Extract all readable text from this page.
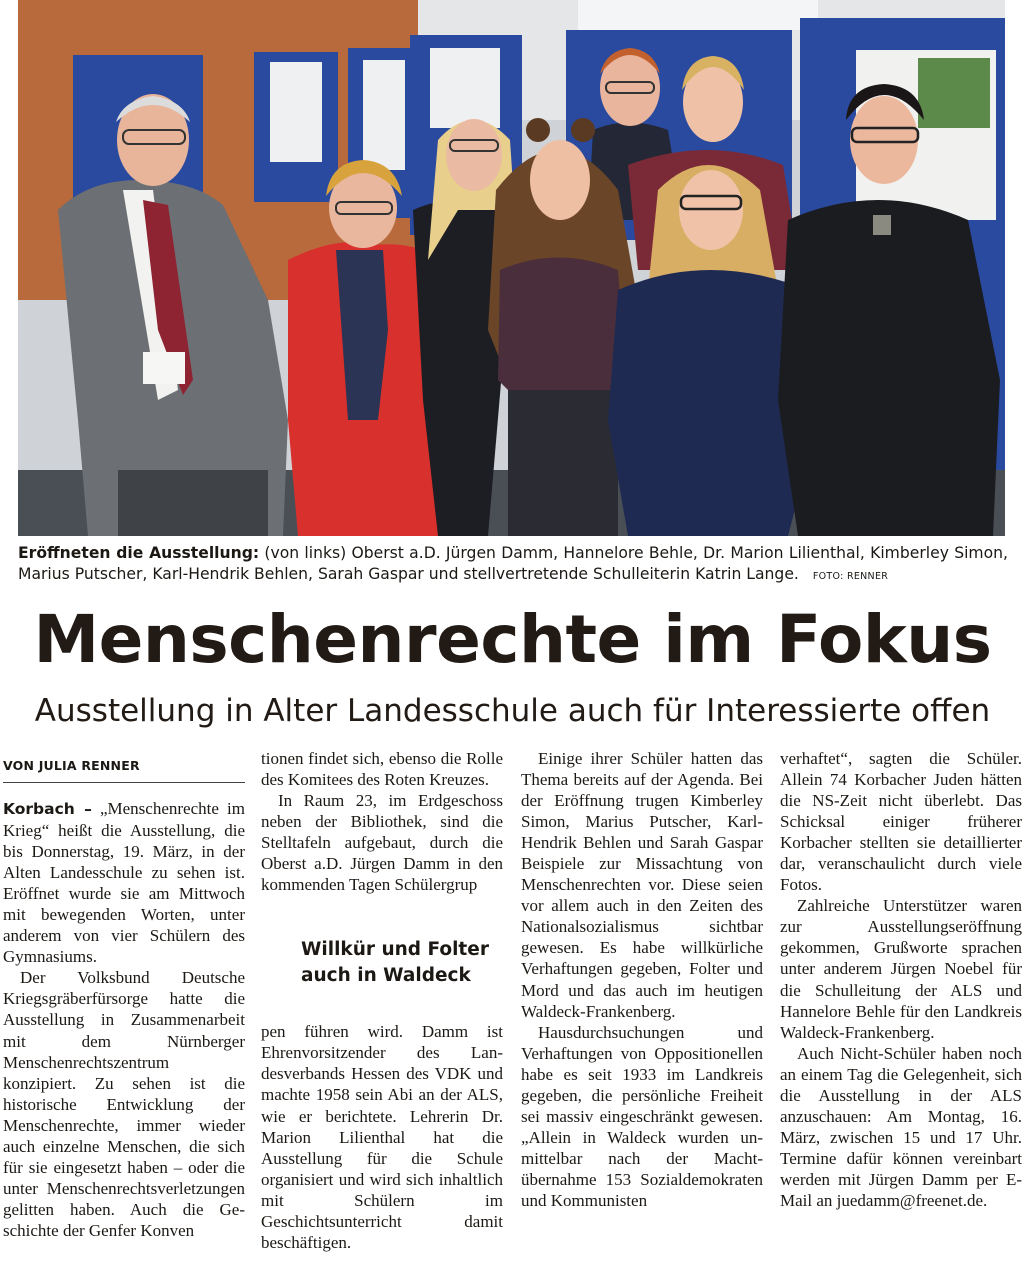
Eröffneten die Ausstellung: (von links) Oberst a.D. Jürgen Damm, Hannelore Behle, Dr. Marion Lilienthal, Kimberley Simon, Marius Putscher, Karl-Hendrik Behlen, Sarah Gaspar und stellvertretende Schulleiterin Katrin Lange. FOTO: RENNER
Menschenrechte im Fokus
Ausstellung in Alter Landesschule auch für Interessierte offen
VON JULIA RENNER

Korbach – „Menschenrechte im Krieg“ heißt die Ausstellung, die bis Donnerstag, 19. März, in der Alten Landesschule zu sehen ist. Eröffnet wurde sie am Mittwoch mit bewegenden Worten, unter anderem von vier Schülern des Gymnasiums.

Der Volksbund Deutsche Kriegsgräberfürsorge hatte die Ausstellung in Zusammenarbeit mit dem Nürnberger Menschenrechtszentrum konzipiert. Zu sehen ist die historische Entwicklung der Menschenrechte, immer wieder auch einzelne Menschen, die sich für sie eingesetzt haben – oder die unter Menschenrechtsverletzungen gelitten haben. Auch die Geschichte der Genfer Konven

tionen findet sich, ebenso die Rolle des Komitees des Roten Kreuzes.

In Raum 23, im Erdgeschoss neben der Bibliothek, sind die Stelltafeln aufgebaut, durch die Oberst a.D. Jürgen Damm in den kommenden Tagen Schülergrup

Willkür und Folter auch in Waldeck

pen führen wird. Damm ist Ehrenvorsitzender des Landesverbands Hessen des VDK und machte 1958 sein Abi an der ALS, wie er berichtete. Lehrerin Dr. Marion Lilienthal hat die Ausstellung für die Schule organisiert und wird sich inhaltlich mit Schülern im Geschichtsunterricht damit beschäftigen.

Einige ihrer Schüler hatten das Thema bereits auf der Agenda. Bei der Eröffnung trugen Kimberley Simon, Marius Putscher, Karl-Hendrik Behlen und Sarah Gaspar Beispiele zur Missachtung von Menschenrechten vor. Diese seien vor allem auch in den Zeiten des Nationalsozialismus sichtbar gewesen. Es habe willkürliche Verhaftungen gegeben, Folter und Mord und das auch im heutigen Waldeck-Frankenberg.

Hausdurchsuchungen und Verhaftungen von Oppositionellen habe es seit 1933 im Landkreis gegeben, die persönliche Freiheit sei massiv eingeschränkt gewesen. „Allein in Waldeck wurden unmittelbar nach der Machtübernahme 153 Sozialdemokraten und Kommunisten

verhaftet“, sagten die Schüler. Allein 74 Korbacher Juden hätten die NS-Zeit nicht überlebt. Das Schicksal einiger früherer Korbacher stellten sie detaillierter dar, veranschaulicht durch viele Fotos.

Zahlreiche Unterstützer waren zur Ausstellungseröffnung gekommen, Grußworte sprachen unter anderem Jürgen Noebel für die Schulleitung der ALS und Hannelore Behle für den Landkreis Waldeck-Frankenberg.

Auch Nicht-Schüler haben noch an einem Tag die Gelegenheit, sich die Ausstellung in der ALS anzuschauen: Am Montag, 16. März, zwischen 15 und 17 Uhr. Termine dafür können vereinbart werden mit Jürgen Damm per E-Mail an juedamm@freenet.de.
